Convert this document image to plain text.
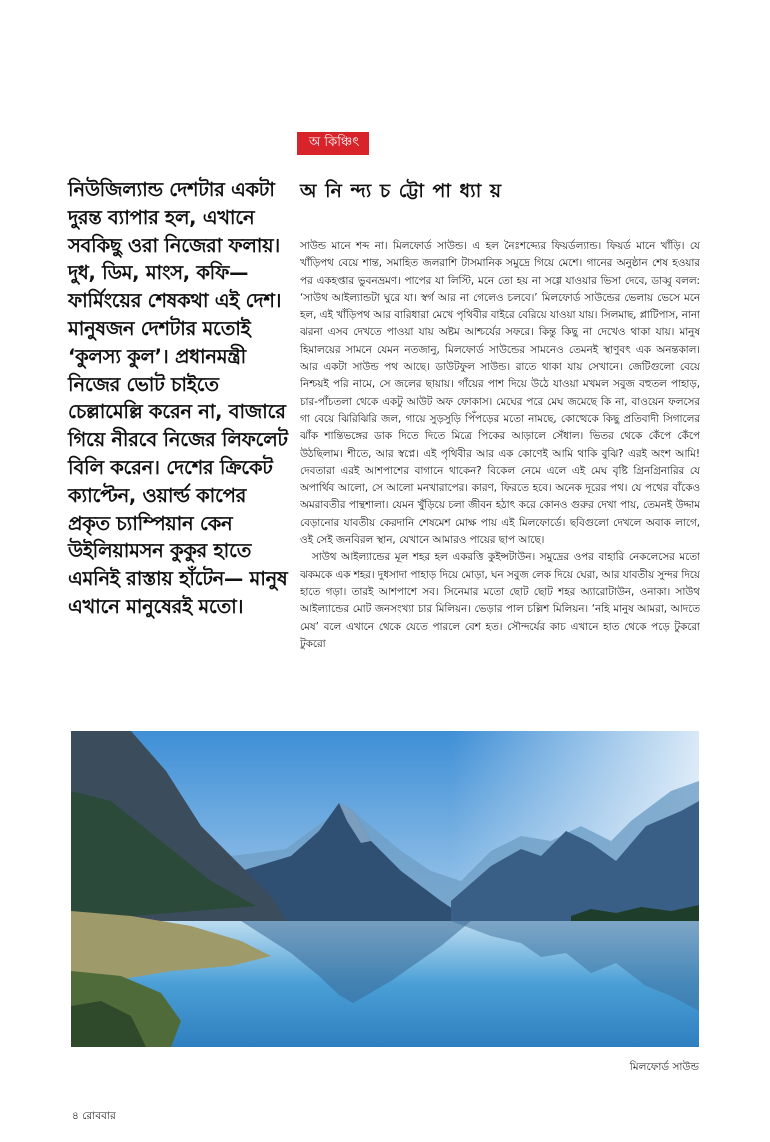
অ কিঞ্চিৎ
নিউজিল্যান্ড দেশটার একটা দুরন্ত ব্যাপার হল, এখানে সবকিছু ওরা নিজেরা ফলায়। দুধ, ডিম, মাংস, কফি— ফার্মিংয়ের শেষকথা এই দেশ। মানুষজন দেশটার মতোই ‘কুলস্য কুল’। প্রধানমন্ত্রী নিজের ভোট চাইতে চেল্লামেল্লি করেন না, বাজারে গিয়ে নীরবে নিজের লিফলেট বিলি করেন। দেশের ক্রিকেট ক্যাপ্টেন, ওয়ার্ল্ড কাপের প্রকৃত চ্যাম্পিয়ান কেন উইলিয়ামসন কুকুর হাতে এমনিই রাস্তায় হাঁটেন— মানুষ এখানে মানুষেরই মতো।
অ নি ন্দ্য চ ট্টো পা ধ্যা য়

সাউন্ড মানে শব্দ না। মিলফোর্ড সাউন্ড। এ হল নৈঃশব্দ্যের ফিয়র্ডল্যান্ড। ফিয়র্ড মানে খাঁড়ি। যে খাঁড়িপথ বেয়ে শান্ত, সমাহিত জলরাশি টাসমানিক সমুদ্রে গিয়ে মেশে। গানের অনুষ্ঠান শেষ হওয়ার পর একহপ্তার ভুবনভ্রমণ। পাপের যা লিস্টি, মনে তো হয় না সগ্গে যাওয়ার ভিসা দেবে, ডাব্বু বলল: ‘সাউথ আইল্যান্ডটা ঘুরে যা। স্বর্গ আর না গেলেও চলবে।’ মিলফোর্ড সাউন্ডের ভেলায় ভেসে মনে হল, এই খাঁড়িপথ আর বারিধারা মেখে পৃথিবীর বাইরে বেরিয়ে যাওয়া যায়। সিলমাছ, প্লাটিপাস, নানা ঝরনা এসব দেখতে পাওয়া যায় অষ্টম আশ্চর্যের সফরে। কিন্তু কিছু না দেখেও থাকা যায়। মানুষ হিমালয়ের সামনে যেমন নতজানু, মিলফোর্ড সাউন্ডের সামনেও তেমনই স্থাণুবৎ এক অনন্তকাল। আর একটা সাউন্ড পথ আছে। ডাউটফুল সাউন্ড। রাতে থাকা যায় সেখানে। জেটিগুলো বেয়ে নিশ্চয়ই পরি নামে, সে জলের ছায়ায়। গাঁয়ের পাশ দিয়ে উঠে যাওয়া মখমল সবুজ বহুতল পাহাড়, চার-পাঁচতলা থেকে একটু আউট অফ ফোকাস। মেঘের পরে মেঘ জমেছে কি না, বাওয়েন ফলসের গা বেয়ে ঝিরিঝিরি জল, গায়ে সুড়সুড়ি পিঁপড়ের মতো নামছে, কোত্থেকে কিছু প্রতিবাদী সিগালের ঝাঁক শান্তিভঙ্গের ডাক দিতে দিতে মিত্রে পিকের আড়ালে সেঁধাল। ভিতর থেকে কেঁপে কেঁপে উঠছিলাম। শীতে, আর স্বপ্নে। এই পৃথিবীর আর এক কোণেই আমি থাকি বুঝি? এরই অংশ আমি! দেবতারা এরই আশপাশের বাগানে থাকেন? বিকেল নেমে এলে এই মেঘ বৃষ্টি গ্রিনগ্রিনারির যে অপার্থিব আলো, সে আলো মনখারাপের। কারণ, ফিরতে হবে। অনেক দূরের পথ। যে পথের বাঁকেও অমরাবতীর পান্থশালা। যেমন খুঁড়িয়ে চলা জীবন হঠাৎ করে কোনও গুরুর দেখা পায়, তেমনই উদ্দাম বেড়ানোর যাবতীয় কেরদানি শেষমেশ মোক্ষ পায় এই মিলফোর্ডে। ছবিগুলো দেখলে অবাক লাগে, ওই সেই জনবিরল স্থান, যেখানে আমারও পায়ের ছাপ আছে।

সাউথ আইল্যান্ডের মূল শহর হল একরত্তি কুইন্সটাউন। সমুদ্রের ওপর বাহারি নেকলেসের মতো ঝকমকে এক শহর। দুধসাদা পাহাড় দিয়ে মোড়া, ঘন সবুজ লেক দিয়ে ঘেরা, আর যাবতীয় সুন্দর দিয়ে হাতে গড়া। তারই আশপাশে সব। সিনেমার মতো ছোট ছোট শহর অ্যারোটাউন, ওনাকা। সাউথ আইল্যান্ডের মোট জনসংখ্যা চার মিলিয়ন। ভেড়ার পাল চল্লিশ মিলিয়ন। ‘নহি মানুষ আমরা, আদতে মেষ’ বলে এখানে থেকে যেতে পারলে বেশ হত। সৌন্দর্যের কাচ এখানে হাত থেকে পড়ে টুকরো টুকরো

মিলফোর্ড সাউন্ড
৪ রোববার
